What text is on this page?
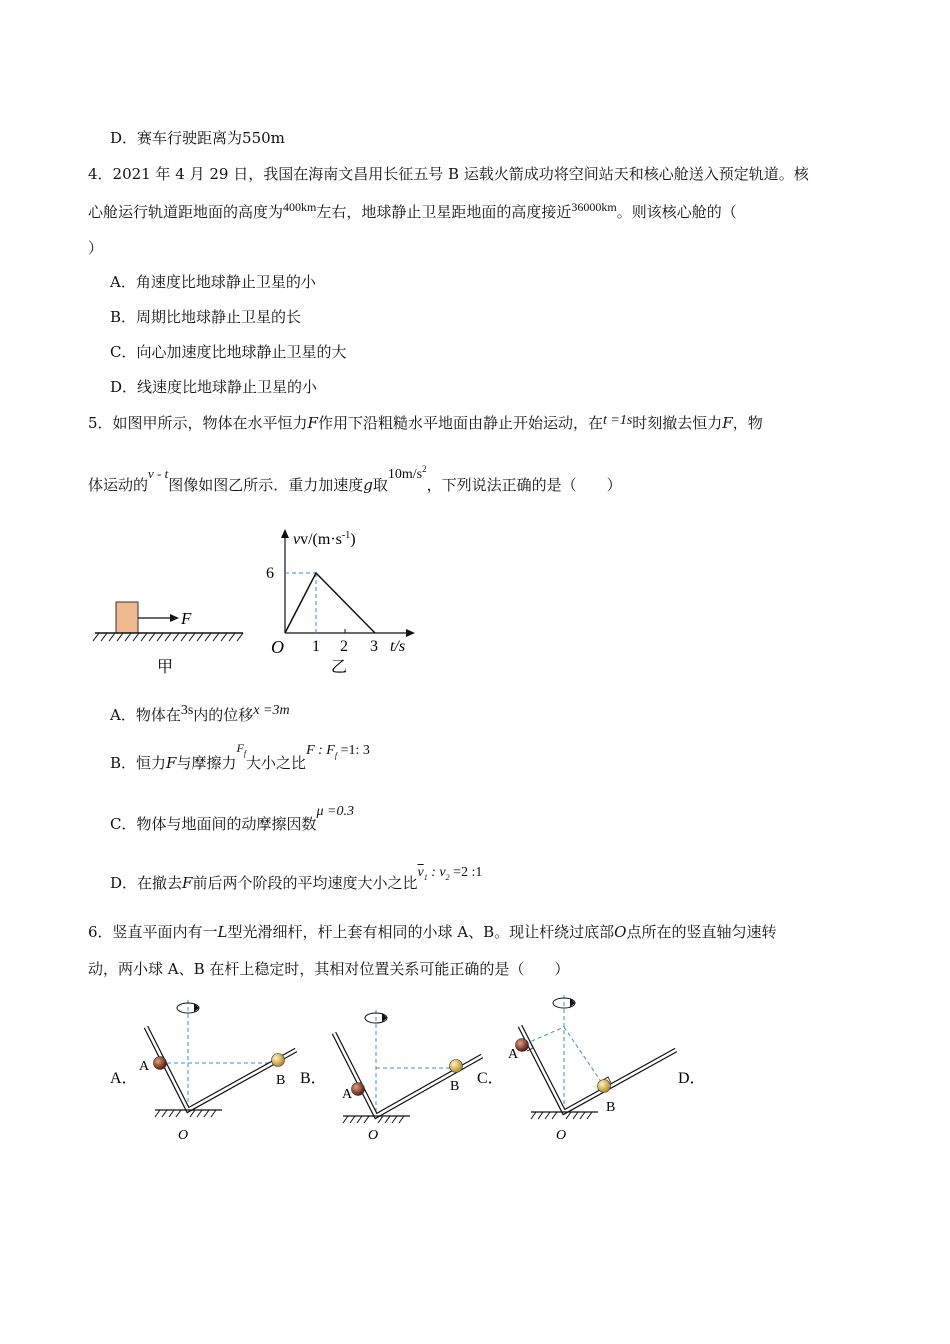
D．赛车行驶距离为550m
4．2021 年 4 月 29 日，我国在海南文昌用长征五号 B 运载火箭成功将空间站天和核心舱送入预定轨道。核
心舱运行轨道距地面的高度为$^{400km}$左右，地球静止卫星距地面的高度接近$^{36000km}$。则该核心舱的（
）
A．角速度比地球静止卫星的小
B．周期比地球静止卫星的长
C．向心加速度比地球静止卫星的大
D．线速度比地球静止卫星的小
5．如图甲所示，物体在水平恒力F作用下沿粗糙水平地面由静止开始运动，在t =1s时刻撤去恒力F，物
体运动的v - t图像如图乙所示．重力加速度g取$10m/s^2$，下列说法正确的是（　　）
F
甲
$vv/(m\cdot s^{-1})$
6
O 1 2 3 t/s
乙
A．物体在3s内的位移x =3m
B．恒力F与摩擦力$^{F_f}$大小之比F : $F_f =1$: 3
C．物体与地面间的动摩擦因数μ =0.3
D．在撤去F前后两个阶段的平均速度大小之比$\overline{v}_1$ : $v_2 =2$ :1
6．竖直平面内有一L型光滑细杆，杆上套有相同的小球 A、B。现让杆绕过底部O点所在的竖直轴匀速转
动，两小球 A、B 在杆上稳定时，其相对位置关系可能正确的是（　　）
A．	B．	C．	D．
A
B
O
A
B
O
A
B
O
